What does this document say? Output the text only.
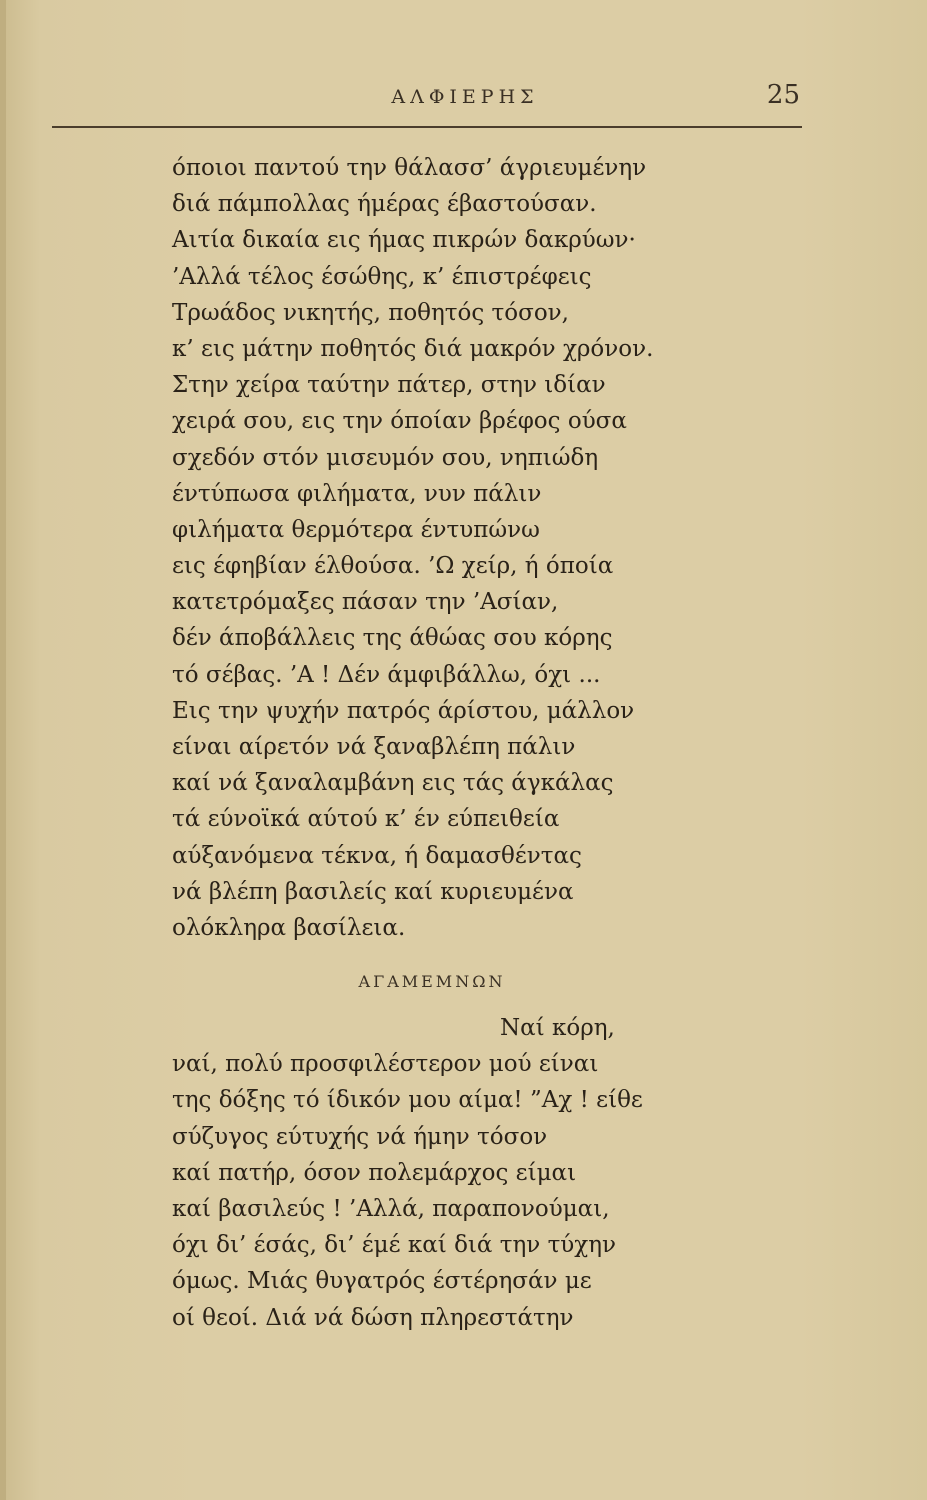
ΑΛΦΙΕΡΗΣ	25
όποιοι παντού την θάλασσ’ άγριευμένην
διά πάμπολλας ήμέρας έβαστούσαν.
Αιτία δικαία εις ήμας πικρών δακρύων·
’Αλλά τέλος έσώθης, κ’ έπιστρέφεις
Τρωάδος νικητής, ποθητός τόσον,
κ’ εις μάτην ποθητός διά μακρόν χρόνον.
Στην χείρα ταύτην πάτερ, στην ιδίαν
χειρά σου, εις την όποίαν βρέφος ούσα
σχεδόν στόν μισευμόν σου, νηπιώδη
έντύπωσα φιλήματα, νυν πάλιν
φιλήματα θερμότερα έντυπώνω
εις έφηβίαν έλθούσα. ’Ω χείρ, ή όποία
κατετρόμαξες πάσαν την ’Ασίαν,
δέν άποβάλλεις της άθώας σου κόρης
τό σέβας. ’Α ! Δέν άμφιβάλλω, όχι ...
Εις την ψυχήν πατρός άρίστου, μάλλον
είναι αίρετόν νά ξαναβλέπη πάλιν
καί νά ξαναλαμβάνη εις τάς άγκάλας
τά εύνοϊκά αύτού κ’ έν εύπειθεία
αύξανόμενα τέκνα, ή δαμασθέντας
νά βλέπη βασιλείς καί κυριευμένα
ολόκληρα βασίλεια.
ΑΓΑΜΕΜΝΩΝ
Ναί κόρη,
ναί, πολύ προσφιλέστερον μού είναι
της δόξης τό ίδικόν μου αίμα! ”Αχ ! είθε
σύζυγος εύτυχής νά ήμην τόσον
καί πατήρ, όσον πολεμάρχος είμαι
καί βασιλεύς ! ’Αλλά, παραπονούμαι,
όχι δι’ έσάς, δι’ έμέ καί διά την τύχην
όμως. Μιάς θυγατρός έστέρησάν με
οί θεοί. Διά νά δώση πληρεστάτην
